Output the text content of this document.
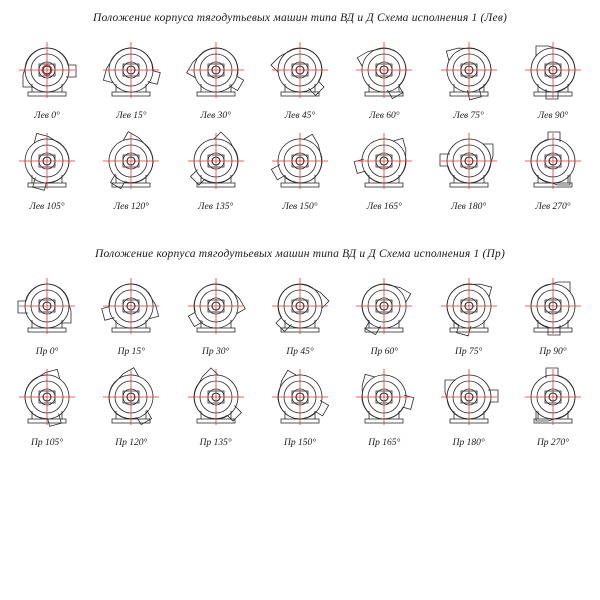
Положение корпуса тягодутьевых машин типа ВД и Д Схема исполнения 1 (Лев)
Лев 0°	Лев 15°	Лев 30°	Лев 45°	Лев 60°	Лев 75°	Лев 90°
Лев 105°	Лев 120°	Лев 135°	Лев 150°	Лев 165°	Лев 180°	Лев 270°
Положение корпуса тягодутьевых машин типа ВД и Д Схема исполнения 1 (Пр)
Пр 0°	Пр 15°	Пр 30°	Пр 45°	Пр 60°	Пр 75°	Пр 90°
Пр 105°	Пр 120°	Пр 135°	Пр 150°	Пр 165°	Пр 180°	Пр 270°
